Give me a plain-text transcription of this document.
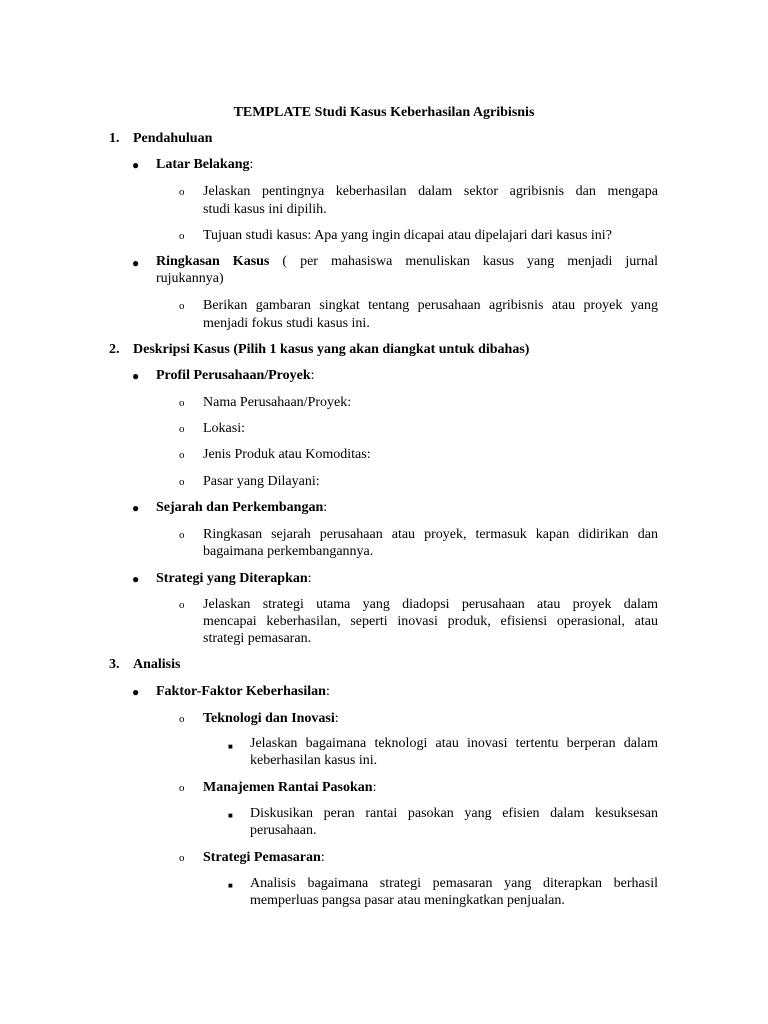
TEMPLATE Studi Kasus Keberhasilan Agribisnis
1. Pendahuluan
● Latar Belakang:
o Jelaskan pentingnya keberhasilan dalam sektor agribisnis dan mengapa
studi kasus ini dipilih.
o Tujuan studi kasus: Apa yang ingin dicapai atau dipelajari dari kasus ini?
● Ringkasan Kasus ( per mahasiswa menuliskan kasus yang menjadi jurnal
rujukannya)
o Berikan gambaran singkat tentang perusahaan agribisnis atau proyek yang
menjadi fokus studi kasus ini.
2. Deskripsi Kasus (Pilih 1 kasus yang akan diangkat untuk dibahas)
● Profil Perusahaan/Proyek:
o Nama Perusahaan/Proyek:
o Lokasi:
o Jenis Produk atau Komoditas:
o Pasar yang Dilayani:
● Sejarah dan Perkembangan:
o Ringkasan sejarah perusahaan atau proyek, termasuk kapan didirikan dan
bagaimana perkembangannya.
● Strategi yang Diterapkan:
o Jelaskan strategi utama yang diadopsi perusahaan atau proyek dalam
mencapai keberhasilan, seperti inovasi produk, efisiensi operasional, atau
strategi pemasaran.
3. Analisis
● Faktor-Faktor Keberhasilan:
o Teknologi dan Inovasi:
■ Jelaskan bagaimana teknologi atau inovasi tertentu berperan dalam
keberhasilan kasus ini.
o Manajemen Rantai Pasokan:
■ Diskusikan peran rantai pasokan yang efisien dalam kesuksesan
perusahaan.
o Strategi Pemasaran:
■ Analisis bagaimana strategi pemasaran yang diterapkan berhasil
memperluas pangsa pasar atau meningkatkan penjualan.
